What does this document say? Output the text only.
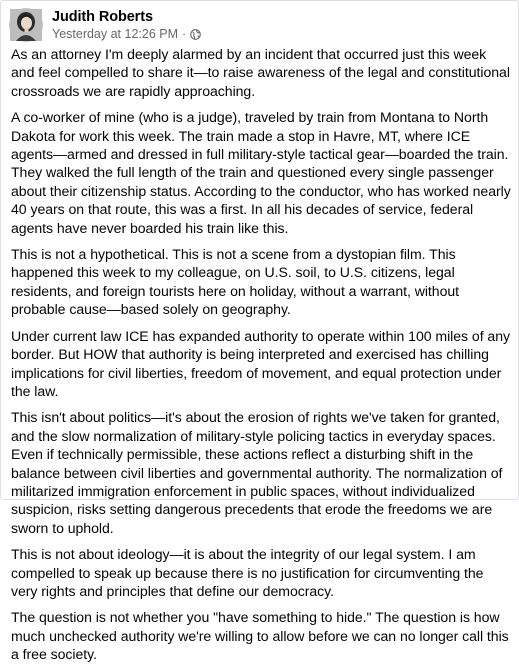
Judith Roberts
Yesterday at 12:26 PM ·

As an attorney I'm deeply alarmed by an incident that occurred just this week and feel compelled to share it—to raise awareness of the legal and constitutional crossroads we are rapidly approaching.

A co-worker of mine (who is a judge), traveled by train from Montana to North Dakota for work this week. The train made a stop in Havre, MT, where ICE agents—armed and dressed in full military-style tactical gear—boarded the train. They walked the full length of the train and questioned every single passenger about their citizenship status. According to the conductor, who has worked nearly 40 years on that route, this was a first. In all his decades of service, federal agents have never boarded his train like this.

This is not a hypothetical. This is not a scene from a dystopian film. This happened this week to my colleague, on U.S. soil, to U.S. citizens, legal residents, and foreign tourists here on holiday, without a warrant, without probable cause—based solely on geography.

Under current law ICE has expanded authority to operate within 100 miles of any border. But HOW that authority is being interpreted and exercised has chilling implications for civil liberties, freedom of movement, and equal protection under the law.

This isn't about politics—it's about the erosion of rights we've taken for granted, and the slow normalization of military-style policing tactics in everyday spaces. Even if technically permissible, these actions reflect a disturbing shift in the balance between civil liberties and governmental authority. The normalization of militarized immigration enforcement in public spaces, without individualized suspicion, risks setting dangerous precedents that erode the freedoms we are sworn to uphold.

This is not about ideology—it is about the integrity of our legal system. I am compelled to speak up because there is no justification for circumventing the very rights and principles that define our democracy.

The question is not whether you "have something to hide." The question is how much unchecked authority we're willing to allow before we can no longer call this a free society.
